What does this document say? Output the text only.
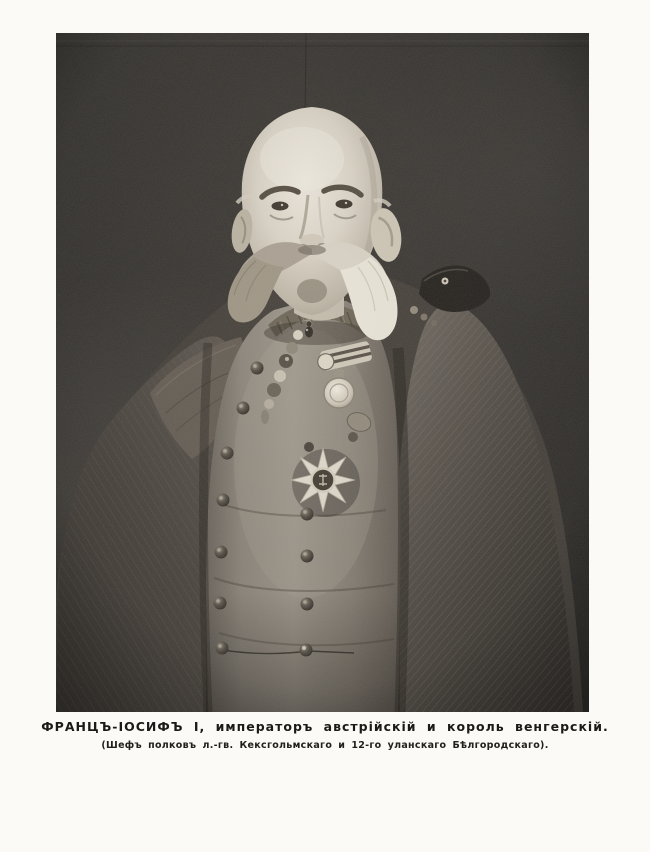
ФРАНЦЪ-ІОСИФЪ I, императоръ австрійскій и король венгерскій.
(Шефъ полковъ л.-гв. Кексгольмскаго и 12-го уланскаго Бѣлгородскаго).
